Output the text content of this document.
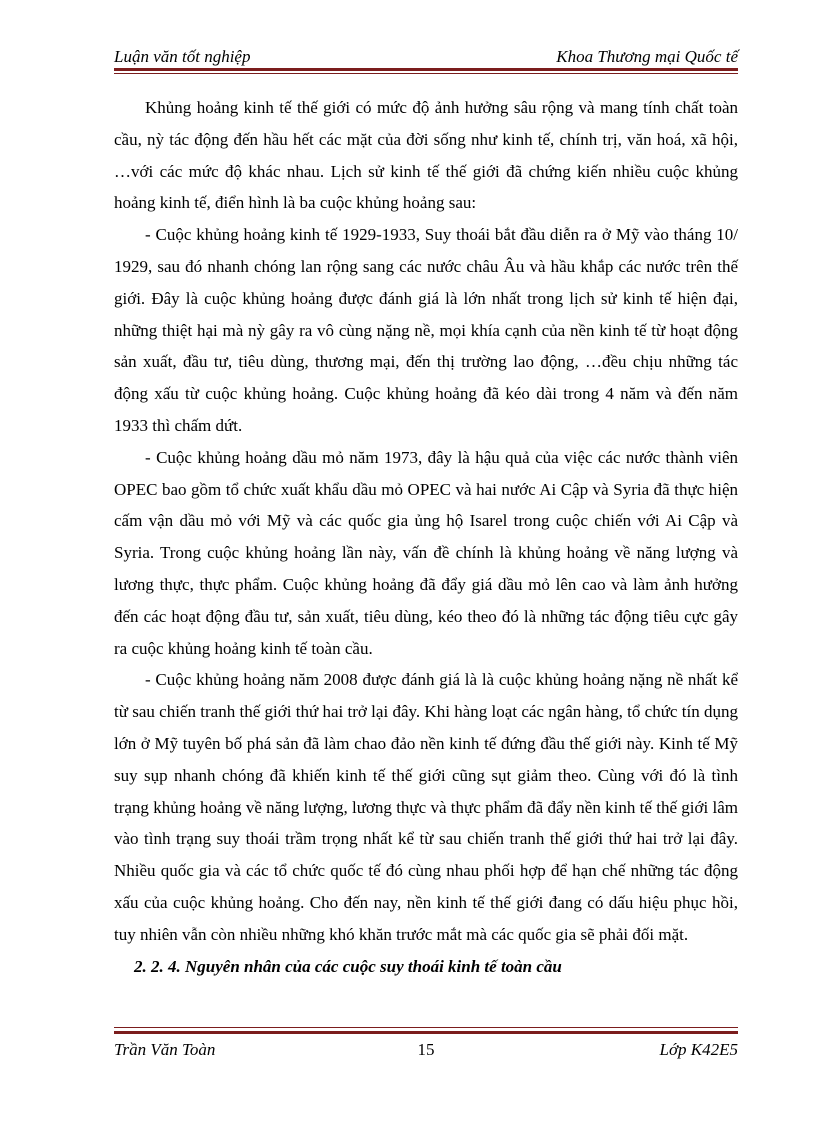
Luận văn tốt nghiệp	Khoa Thương mại Quốc tế

Khủng hoảng kinh tế thế giới có mức độ ảnh hưởng sâu rộng và mang tính chất toàn cầu, nỳ tác động đến hầu hết các mặt của đời sống như kinh tế, chính trị, văn hoá, xã hội, …với các mức độ khác nhau. Lịch sử kinh tế thế giới đã chứng kiến nhiều cuộc khủng hoảng kinh tế, điển hình là ba cuộc khủng hoảng sau:

- Cuộc khủng hoảng kinh tế 1929-1933, Suy thoái bắt đầu diễn ra ở Mỹ vào tháng 10/ 1929, sau đó nhanh chóng lan rộng sang các nước châu Âu và hầu khắp các nước trên thế giới. Đây là cuộc khủng hoảng được đánh giá là lớn nhất trong lịch sử kinh tế hiện đại, những thiệt hại mà nỳ gây ra vô cùng nặng nề, mọi khía cạnh của nền kinh tế từ hoạt động sản xuất, đầu tư, tiêu dùng, thương mại, đến thị trường lao động, …đều chịu những tác động xấu từ cuộc khủng hoảng. Cuộc khủng hoảng đã kéo dài trong 4 năm và đến năm 1933 thì chấm dứt.

- Cuộc khủng hoảng dầu mỏ năm 1973, đây là hậu quả của việc các nước thành viên OPEC bao gồm tổ chức xuất khẩu dầu mỏ OPEC và hai nước Ai Cập và Syria đã thực hiện cấm vận dầu mỏ với Mỹ và các quốc gia ủng hộ Isarel trong cuộc chiến với Ai Cập và Syria. Trong cuộc khủng hoảng lần này, vấn đề chính là khủng hoảng về năng lượng và lương thực, thực phẩm. Cuộc khủng hoảng đã đẩy giá dầu mỏ lên cao và làm ảnh hưởng đến các hoạt động đầu tư, sản xuất, tiêu dùng, kéo theo đó là những tác động tiêu cực gây ra cuộc khủng hoảng kinh tế toàn cầu.

- Cuộc khủng hoảng năm 2008 được đánh giá là là cuộc khủng hoảng nặng nề nhất kể từ sau chiến tranh thế giới thứ hai trở lại đây. Khi hàng loạt các ngân hàng, tổ chức tín dụng lớn ở Mỹ tuyên bố phá sản đã làm chao đảo nền kinh tế đứng đầu thế giới này. Kinh tế Mỹ suy sụp nhanh chóng đã khiến kinh tế thế giới cũng sụt giảm theo. Cùng với đó là tình trạng khủng hoảng về năng lượng, lương thực và thực phẩm đã đẩy nền kinh tế thế giới lâm vào tình trạng suy thoái trầm trọng nhất kể từ sau chiến tranh thế giới thứ hai trở lại đây. Nhiều quốc gia và các tổ chức quốc tế đó cùng nhau phối hợp để hạn chế những tác động xấu của cuộc khủng hoảng. Cho đến nay, nền kinh tế thế giới đang có dấu hiệu phục hồi, tuy nhiên vẫn còn nhiều những khó khăn trước mắt mà các quốc gia sẽ phải đối mặt.

2. 2. 4. Nguyên nhân của các cuộc suy thoái kinh tế toàn cầu

15
Trần Văn Toàn	Lớp K42E5
